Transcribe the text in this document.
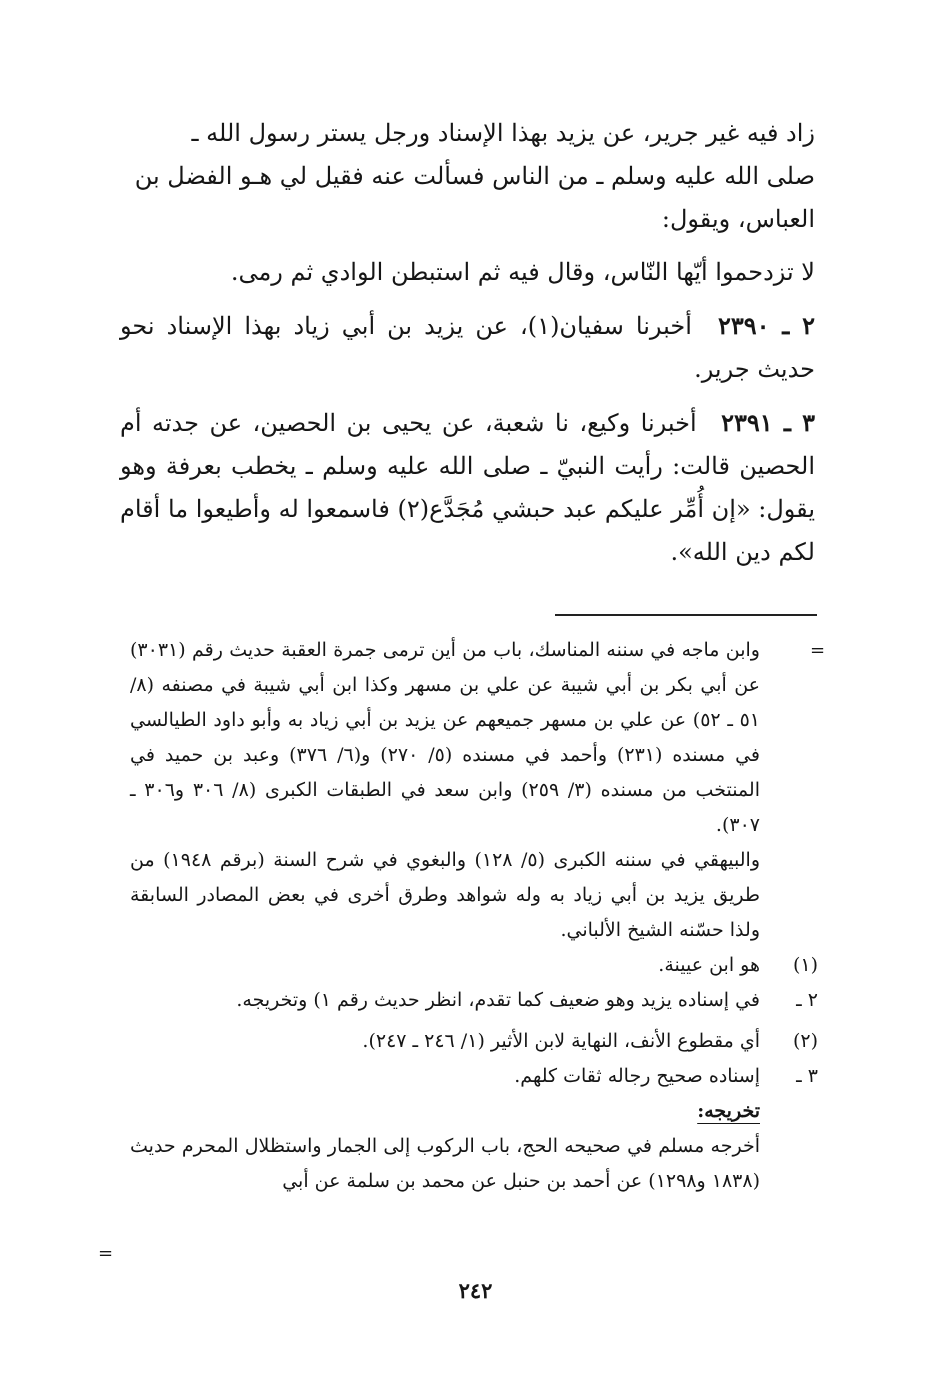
زاد فيه غير جرير، عن يزيد بهذا الإسناد ورجل يستر رسول الله ـ
صلى الله عليه وسلم ـ من الناس فسألت عنه فقيل لي هـو الفضل بن
العباس، ويقول:

لا تزدحموا أيّها النّاس، وقال فيه ثم استبطن الوادي ثم رمى.

٢ ـ ٢٣٩٠ أخبرنا سفيان(١)، عن يزيد بن أبي زياد بهذا الإسناد نحو حديث جرير.

٣ ـ ٢٣٩١ أخبرنا وكيع، نا شعبة، عن يحيى بن الحصين، عن جدته أم الحصين قالت: رأيت النبيّ ـ صلى الله عليه وسلم ـ يخطب بعرفة وهو يقول: «إن أُمِّر عليكم عبد حبشي مُجَدَّع(٢) فاسمعوا له وأطيعوا ما أقام لكم دين الله».

=

وابن ماجه في سننه المناسك، باب من أين ترمى جمرة العقبة حديث رقم (٣٠٣١) عن أبي بكر بن أبي شيبة عن علي بن مسهر وكذا ابن أبي شيبة في مصنفه (٨/ ٥١ ـ ٥٢) عن علي بن مسهر جميعهم عن يزيد بن أبي زياد به وأبو داود الطيالسي في مسنده (٢٣١) وأحمد في مسنده (٥/ ٢٧٠) و(٦/ ٣٧٦) وعبد بن حميد في المنتخب من مسنده (٣/ ٢٥٩) وابن سعد في الطبقات الكبرى (٨/ ٣٠٦ و٣٠٦ ـ ٣٠٧).

والبيهقي في سننه الكبرى (٥/ ١٢٨) والبغوي في شرح السنة (برقم ١٩٤٨) من طريق يزيد بن أبي زياد به وله شواهد وطرق أخرى في بعض المصادر السابقة ولذا حسّنه الشيخ الألباني.

(١)
هو ابن عيينة.

٢ ـ
في إسناده يزيد وهو ضعيف كما تقدم، انظر حديث رقم ١) وتخريجه.

(٢)
أي مقطوع الأنف، النهاية لابن الأثير (١/ ٢٤٦ ـ ٢٤٧).

٣ ـ
إسناده صحيح رجاله ثقات كلهم.

تخريجه:

أخرجه مسلم في صحيحه الحج، باب الركوب إلى الجمار واستظلال المحرم حديث (١٨٣٨ و١٢٩٨) عن أحمد بن حنبل عن محمد بن سلمة عن أبي

=
٢٤٢
